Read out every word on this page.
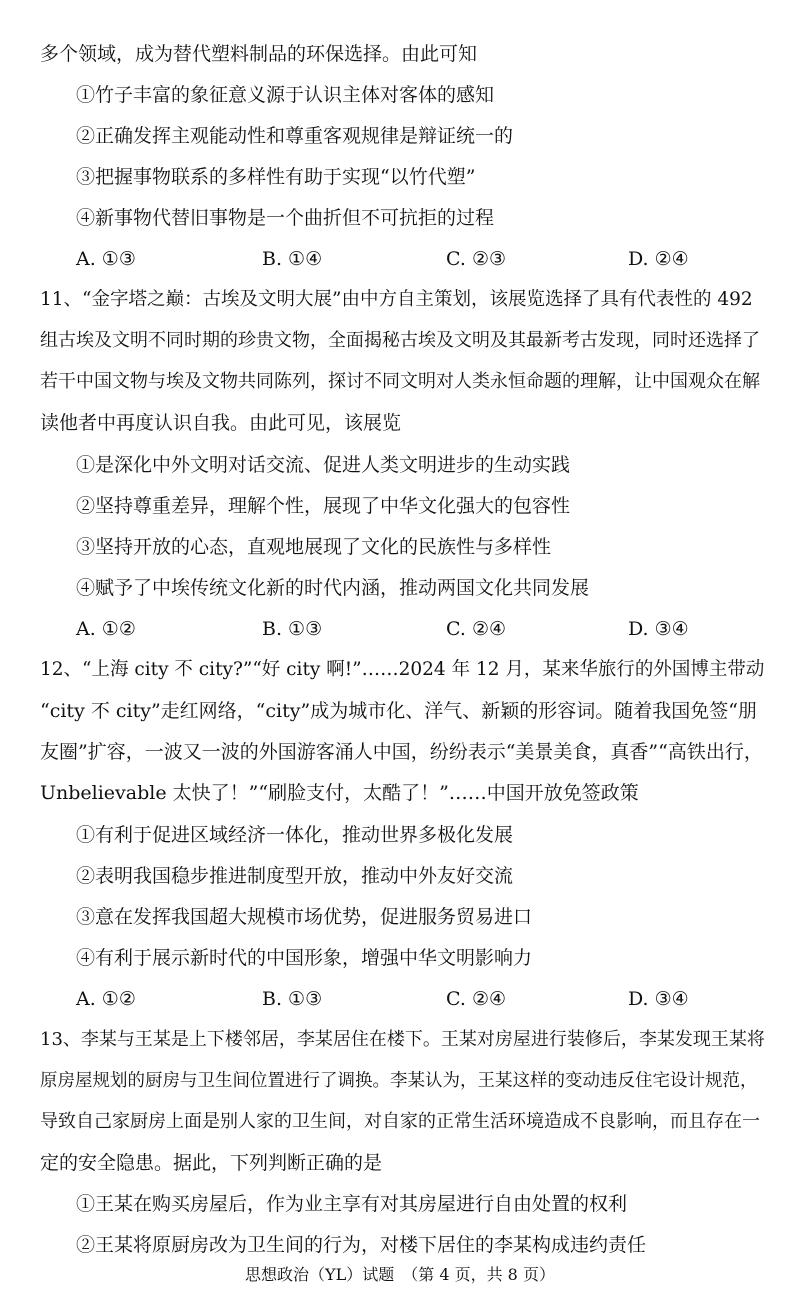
多个领域，成为替代塑料制品的环保选择。由此可知
①竹子丰富的象征意义源于认识主体对客体的感知
②正确发挥主观能动性和尊重客观规律是辩证统一的
③把握事物联系的多样性有助于实现“以竹代塑”
④新事物代替旧事物是一个曲折但不可抗拒的过程
A. ①③	B. ①④	C. ②③	D. ②④
11、“金字塔之巅：古埃及文明大展”由中方自主策划，该展览选择了具有代表性的 492
组古埃及文明不同时期的珍贵文物，全面揭秘古埃及文明及其最新考古发现，同时还选择了
若干中国文物与埃及文物共同陈列，探讨不同文明对人类永恒命题的理解，让中国观众在解
读他者中再度认识自我。由此可见，该展览
①是深化中外文明对话交流、促进人类文明进步的生动实践
②坚持尊重差异，理解个性，展现了中华文化强大的包容性
③坚持开放的心态，直观地展现了文化的民族性与多样性
④赋予了中埃传统文化新的时代内涵，推动两国文化共同发展
A. ①②	B. ①③	C. ②④	D. ③④
12、“上海 city 不 city?”“好 city 啊!”……2024 年 12 月，某来华旅行的外国博主带动
“city 不 city”走红网络，“city”成为城市化、洋气、新颖的形容词。随着我国免签“朋
友圈”扩容，一波又一波的外国游客涌人中国，纷纷表示“美景美食，真香”“高铁出行，
Unbelievable 太快了！”“刷脸支付，太酷了！”……中国开放免签政策
①有利于促进区域经济一体化，推动世界多极化发展
②表明我国稳步推进制度型开放，推动中外友好交流
③意在发挥我国超大规模市场优势，促进服务贸易进口
④有利于展示新时代的中国形象，增强中华文明影响力
A. ①②	B. ①③	C. ②④	D. ③④
13、李某与王某是上下楼邻居，李某居住在楼下。王某对房屋进行装修后，李某发现王某将
原房屋规划的厨房与卫生间位置进行了调换。李某认为，王某这样的变动违反住宅设计规范，
导致自己家厨房上面是别人家的卫生间，对自家的正常生活环境造成不良影响，而且存在一
定的安全隐患。据此，下列判断正确的是
①王某在购买房屋后，作为业主享有对其房屋进行自由处置的权利
②王某将原厨房改为卫生间的行为，对楼下居住的李某构成违约责任
思想政治（YL）试题　（第 4 页，共 8 页）
